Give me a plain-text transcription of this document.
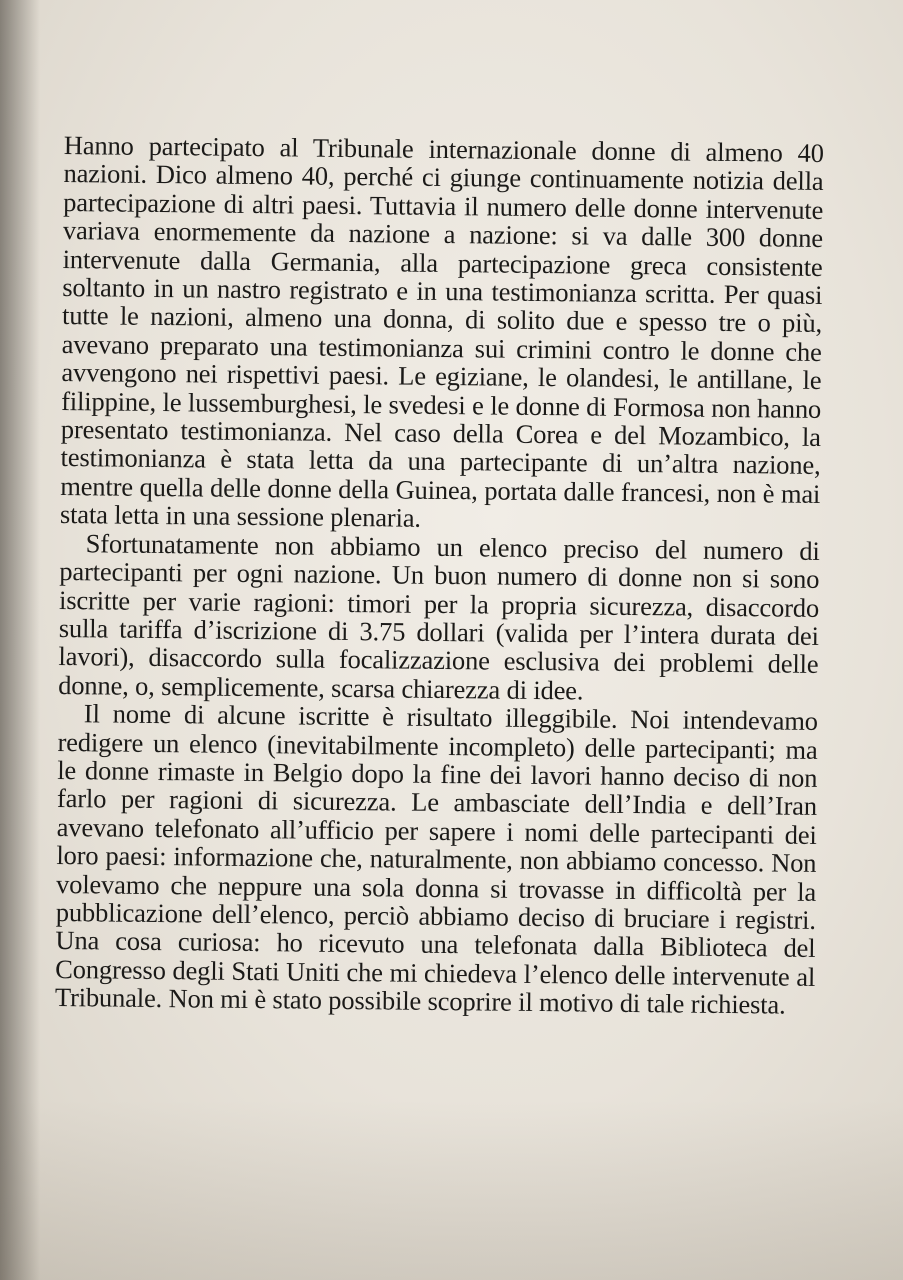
Hanno partecipato al Tribunale internazionale donne di almeno 40 nazioni. Dico almeno 40, perché ci giunge continuamente notizia della partecipazione di altri paesi. Tuttavia il numero delle donne intervenute variava enormemente da nazione a nazione: si va dalle 300 donne intervenute dalla Germania, alla partecipazione greca consistente soltanto in un nastro registrato e in una testimonianza scritta. Per quasi tutte le nazioni, almeno una donna, di solito due e spesso tre o più, avevano preparato una testimonianza sui crimini contro le donne che avvengono nei rispettivi paesi. Le egiziane, le olandesi, le antillane, le filippine, le lussemburghesi, le svedesi e le donne di Formosa non hanno presentato testimonianza. Nel caso della Corea e del Mozambico, la testimonianza è stata letta da una partecipante di un’altra nazione, mentre quella delle donne della Guinea, portata dalle francesi, non è mai stata letta in una sessione plenaria.

Sfortunatamente non abbiamo un elenco preciso del numero di partecipanti per ogni nazione. Un buon numero di donne non si sono iscritte per varie ragioni: timori per la propria sicurezza, disaccordo sulla tariffa d’iscrizione di 3.75 dollari (valida per l’intera durata dei lavori), disaccordo sulla focalizzazione esclusiva dei problemi delle donne, o, semplicemente, scarsa chiarezza di idee.

Il nome di alcune iscritte è risultato illeggibile. Noi intendevamo redigere un elenco (inevitabilmente incompleto) delle partecipanti; ma le donne rimaste in Belgio dopo la fine dei lavori hanno deciso di non farlo per ragioni di sicurezza. Le ambasciate dell’India e dell’Iran avevano telefonato all’ufficio per sapere i nomi delle partecipanti dei loro paesi: informazione che, naturalmente, non abbiamo concesso. Non volevamo che neppure una sola donna si trovasse in difficoltà per la pubblicazione dell’elenco, perciò abbiamo deciso di bruciare i registri. Una cosa curiosa: ho ricevuto una telefonata dalla Biblioteca del Congresso degli Stati Uniti che mi chiedeva l’elenco delle intervenute al Tribunale. Non mi è stato possibile scoprire il motivo di tale richiesta.
